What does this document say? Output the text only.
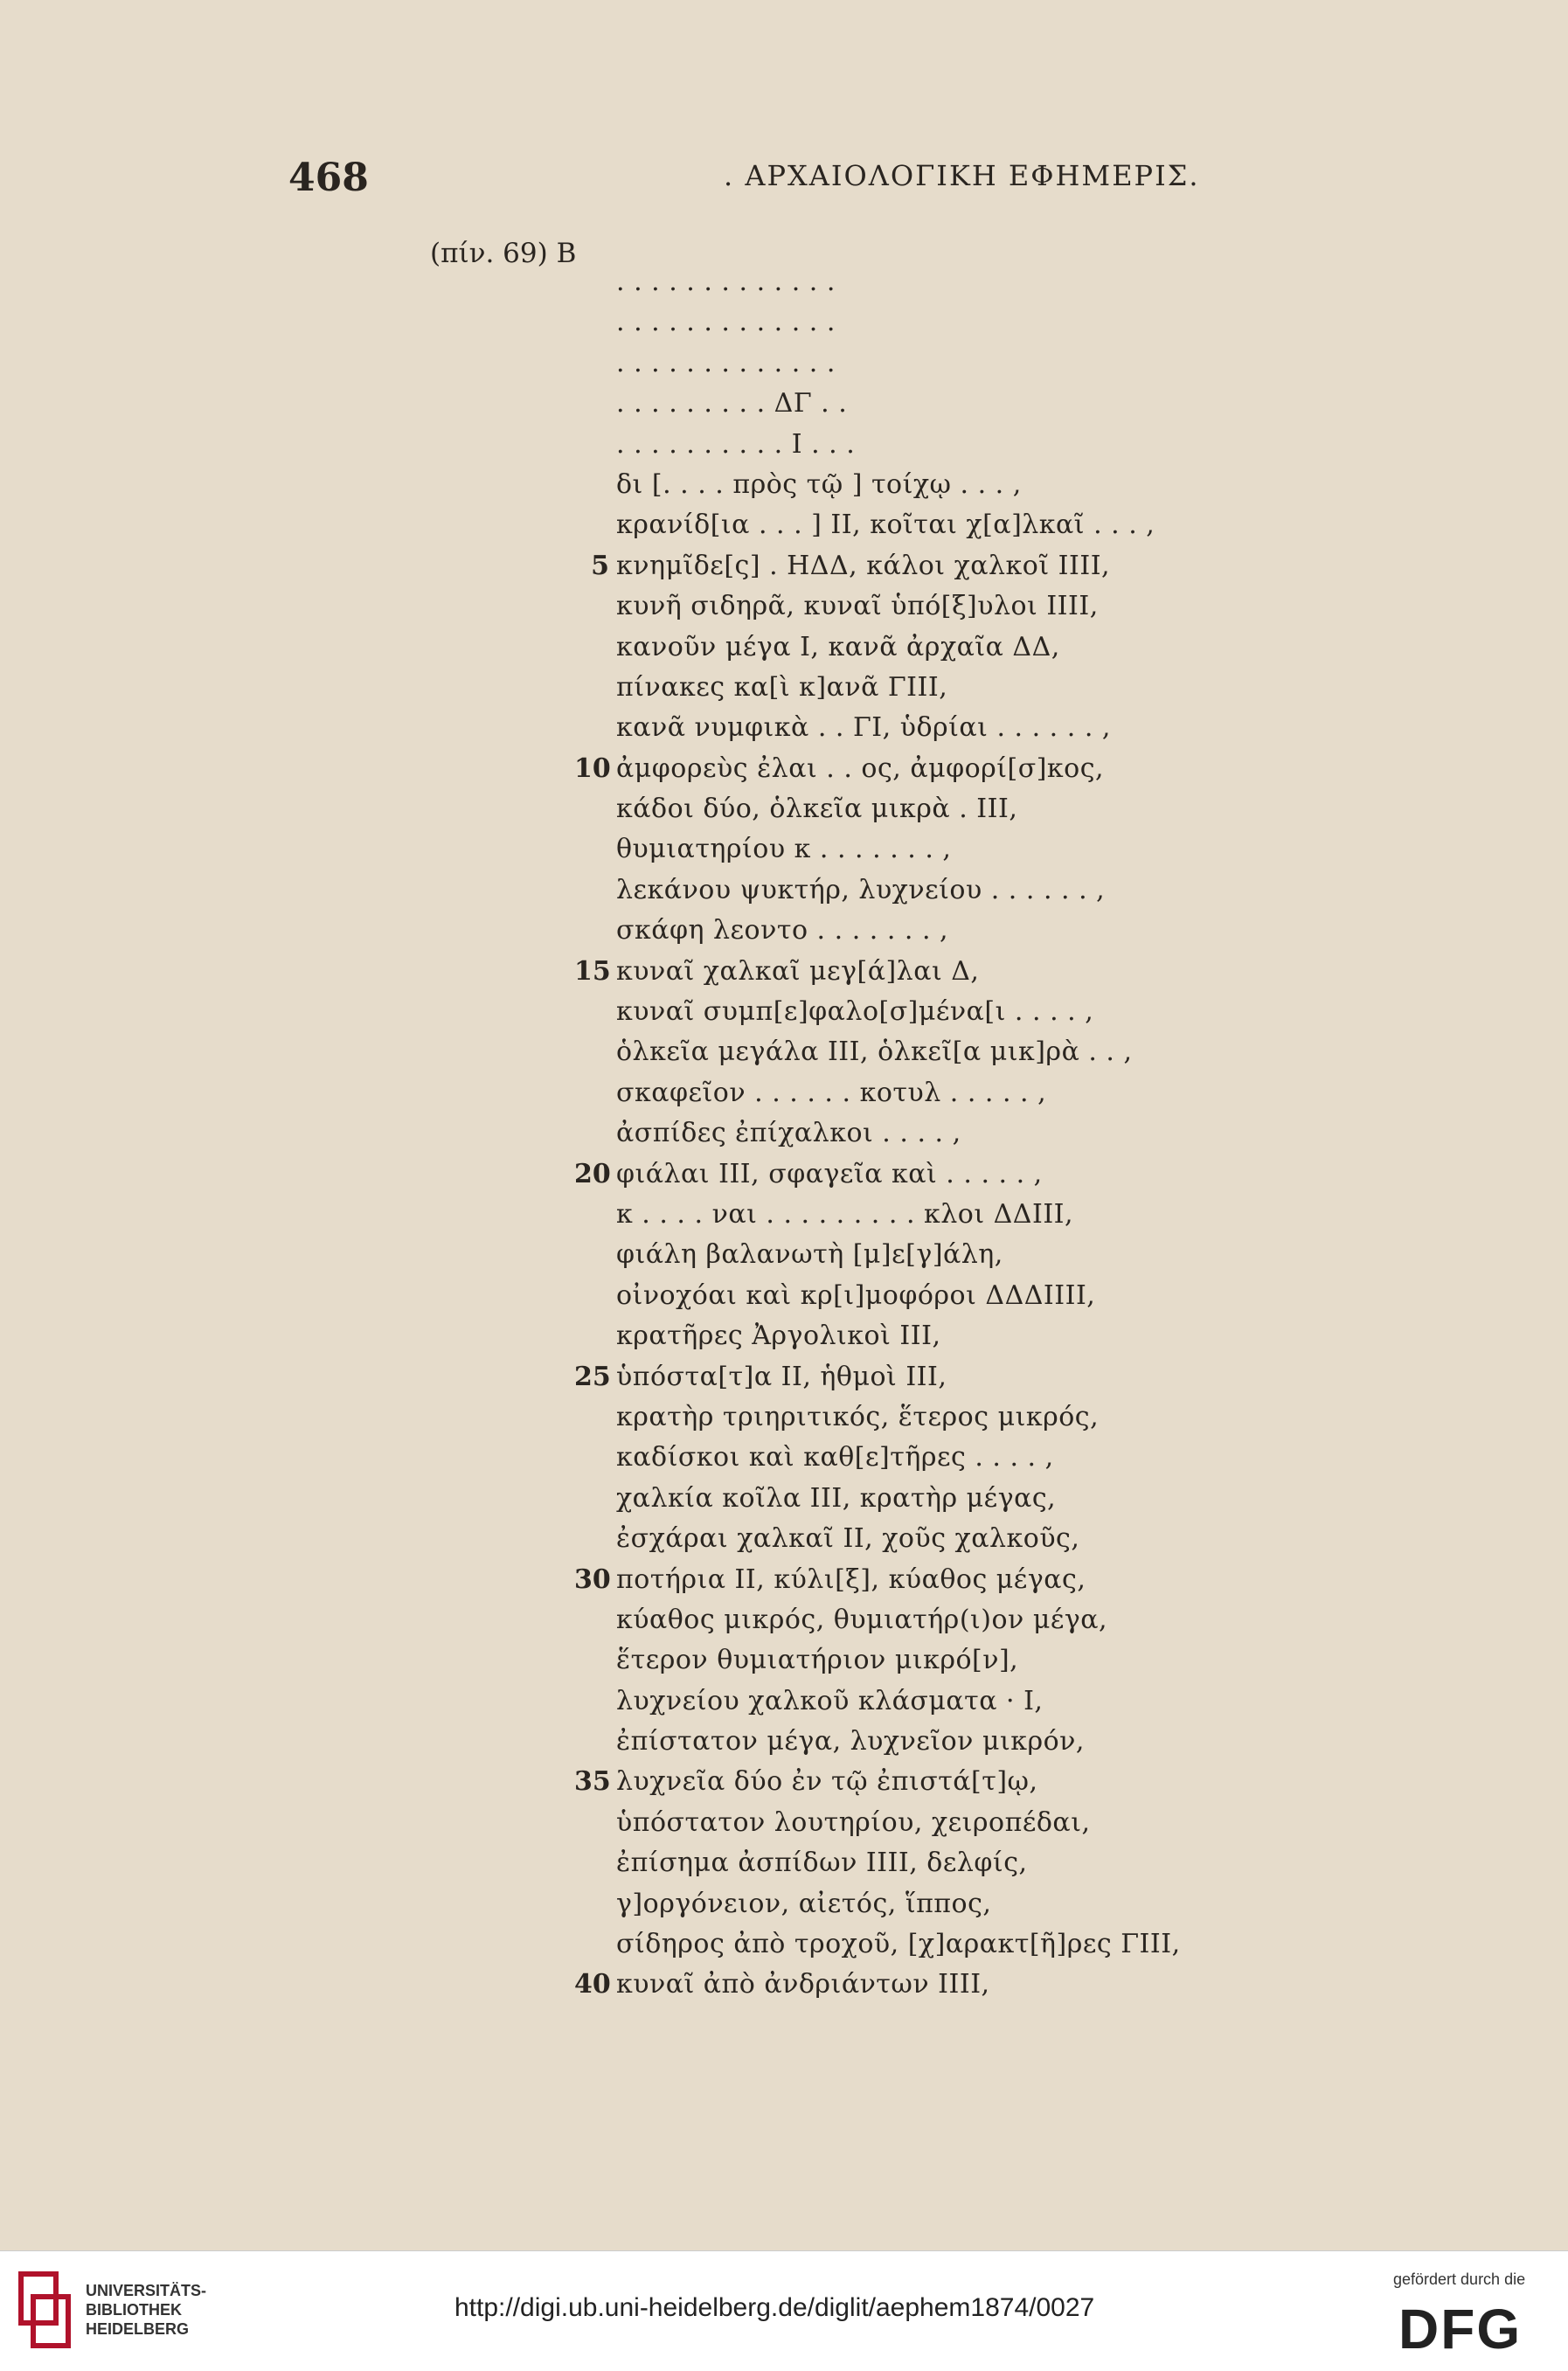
468	. ΑΡΧΑΙΟΛΟΓΙΚΗ ΕΦΗΜΕΡΙΣ.
(πίν. 69) Β
. . . . . . . . . . . . .
. . . . . . . . . . . . .
. . . . . . . . . . . . .
. . . . . . . . . ΔΓ . .
. . . . . . . . . . Ι . . .
δι [. . . . πρὸς τῷ ] τοίχῳ . . . ,
κρανίδ[ια . . . ] ΙΙ, κοῖται χ[α]λκαῖ . . . ,
5 κνημῖδε[ς] . ΗΔΔ, κάλοι χαλκοῖ ΙΙΙΙ,
κυνῆ σιδηρᾶ, κυναῖ ὑπό[ξ]υλοι ΙΙΙΙ,
κανοῦν μέγα Ι, κανᾶ ἀρχαῖα ΔΔ,
πίνακες κα[ὶ κ]ανᾶ ΓΙΙΙ,
κανᾶ νυμφικὰ . . ΓΙ, ὑδρίαι . . . . . . ,
10 ἀμφορεὺς ἐλαι . . ος, ἀμφορί[σ]κος,
κάδοι δύο, ὁλκεῖα μικρὰ . ΙΙΙ,
θυμιατηρίου κ . . . . . . . ,
λεκάνου ψυκτήρ, λυχνείου . . . . . . ,
σκάφη λεοντο . . . . . . . ,
15 κυναῖ χαλκαῖ μεγ[ά]λαι Δ,
κυναῖ συμπ[ε]φαλο[σ]μένα[ι . . . . ,
ὁλκεῖα μεγάλα ΙΙΙ, ὁλκεῖ[α μικ]ρὰ . . ,
σκαφεῖον . . . . . . κοτυλ . . . . . ,
ἀσπίδες ἐπίχαλκοι . . . . ,
20 φιάλαι ΙΙΙ, σφαγεῖα καὶ . . . . . ,
κ . . . . ναι . . . . . . . . . κλοι ΔΔΙΙΙ,
φιάλη βαλανωτὴ [μ]ε[γ]άλη,
οἰνοχόαι καὶ κρ[ι]μοφόροι ΔΔΔΙΙΙΙ,
κρατῆρες Ἀργολικοὶ ΙΙΙ,
25 ὑπόστα[τ]α ΙΙ, ἡθμοὶ ΙΙΙ,
κρατὴρ τριηριτικός, ἕτερος μικρός,
καδίσκοι καὶ καθ[ε]τῆρες . . . . ,
χαλκία κοῖλα ΙΙΙ, κρατὴρ μέγας,
ἐσχάραι χαλκαῖ ΙΙ, χοῦς χαλκοῦς,
30 ποτήρια ΙΙ, κύλι[ξ], κύαθος μέγας,
κύαθος μικρός, θυμιατήρ(ι)ον μέγα,
ἕτερον θυμιατήριον μικρό[ν],
λυχνείου χαλκοῦ κλάσματα · Ι,
ἐπίστατον μέγα, λυχνεῖον μικρόν,
35 λυχνεῖα δύο ἐν τῷ ἐπιστά[τ]ῳ,
ὑπόστατον λουτηρίου, χειροπέδαι,
ἐπίσημα ἀσπίδων ΙΙΙΙ, δελφίς,
γ]οργόνειον, αἰετός, ἵππος,
σίδηρος ἀπὸ τροχοῦ, [χ]αρακτ[ῆ]ρες ΓΙΙΙ,
40 κυναῖ ἀπὸ ἀνδριάντων ΙΙΙΙ,
UNIVERSITÄTS-
BIBLIOTHEK
HEIDELBERG
http://digi.ub.uni-heidelberg.de/diglit/aephem1874/0027
gefördert durch die
DFG
